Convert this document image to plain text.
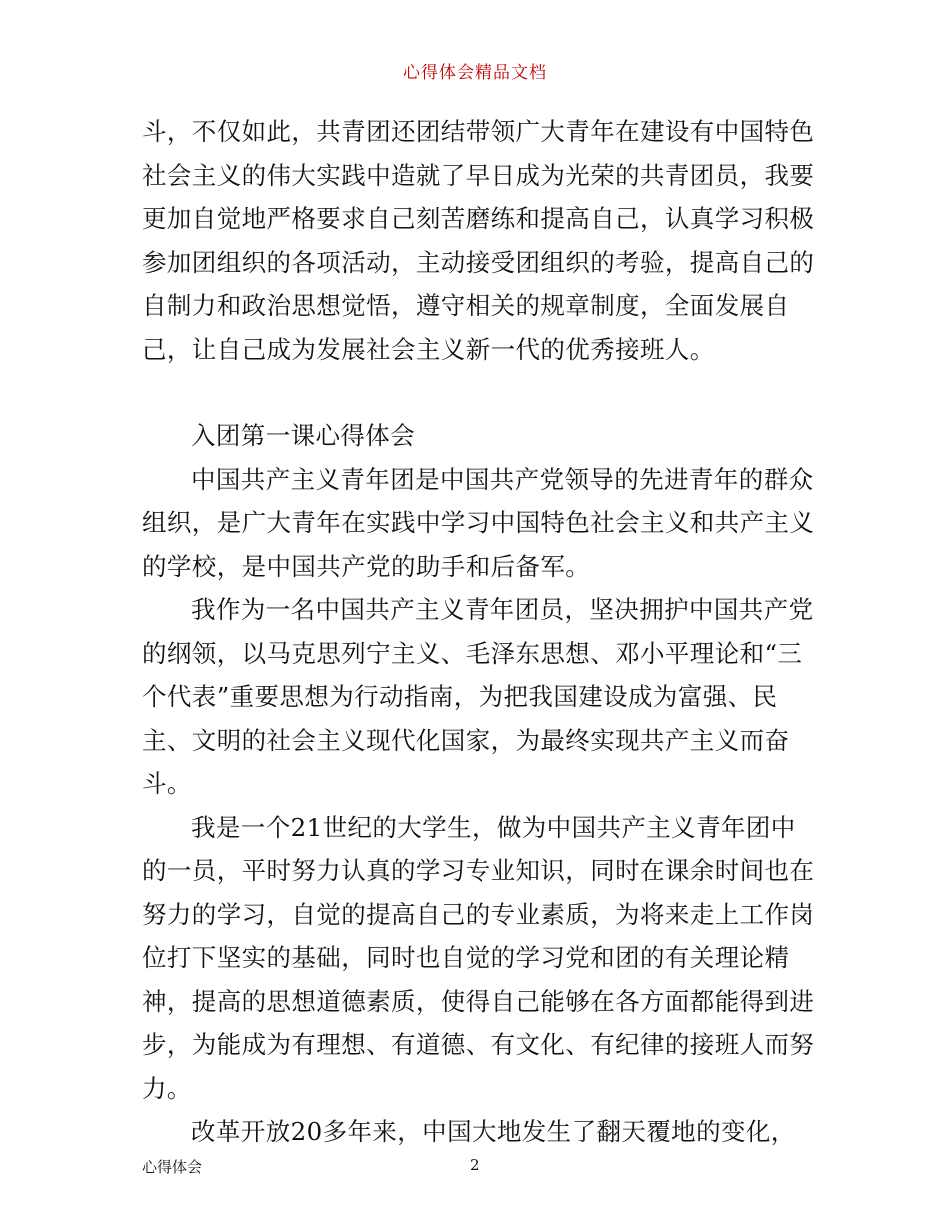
心得体会精品文档

斗，不仅如此，共青团还团结带领广大青年在建设有中国特色社会主义的伟大实践中造就了早日成为光荣的共青团员，我要更加自觉地严格要求自己刻苦磨练和提高自己，认真学习积极参加团组织的各项活动，主动接受团组织的考验，提高自己的自制力和政治思想觉悟，遵守相关的规章制度，全面发展自己，让自己成为发展社会主义新一代的优秀接班人。

入团第一课心得体会

中国共产主义青年团是中国共产党领导的先进青年的群众组织，是广大青年在实践中学习中国特色社会主义和共产主义的学校，是中国共产党的助手和后备军。

我作为一名中国共产主义青年团员，坚决拥护中国共产党的纲领，以马克思列宁主义、毛泽东思想、邓小平理论和“三个代表”重要思想为行动指南，为把我国建设成为富强、民主、文明的社会主义现代化国家，为最终实现共产主义而奋斗。

我是一个21世纪的大学生，做为中国共产主义青年团中的一员，平时努力认真的学习专业知识，同时在课余时间也在努力的学习，自觉的提高自己的专业素质，为将来走上工作岗位打下坚实的基础，同时也自觉的学习党和团的有关理论精神，提高的思想道德素质，使得自己能够在各方面都能得到进步，为能成为有理想、有道德、有文化、有纪律的接班人而努力。

改革开放20多年来，中国大地发生了翻天覆地的变化，

心得体会	2
